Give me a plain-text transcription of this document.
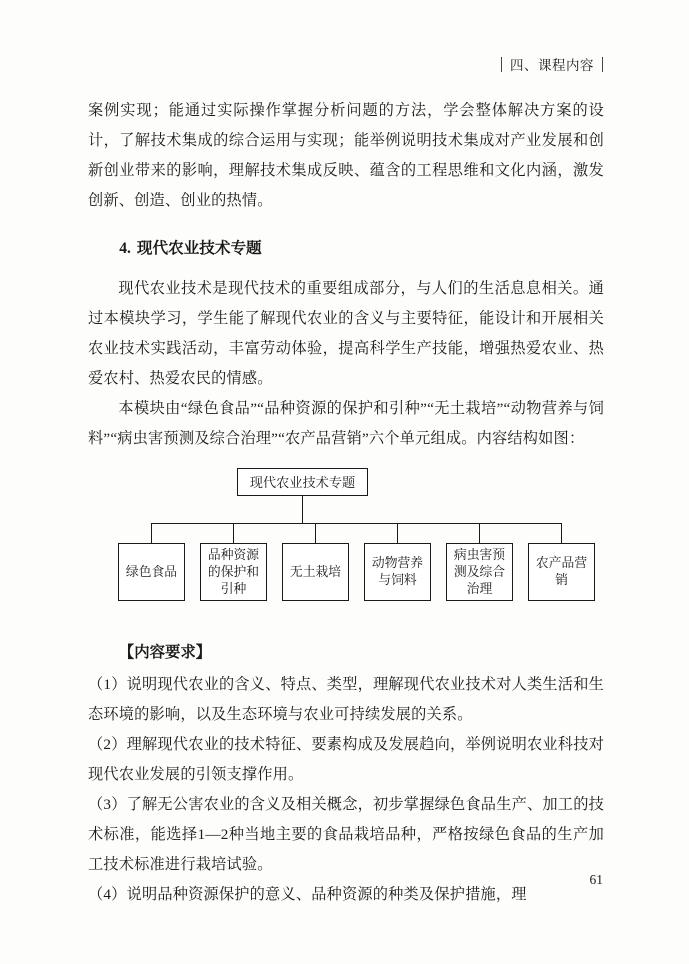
四、课程内容

案例实现；能通过实际操作掌握分析问题的方法，学会整体解决方案的设计，了解技术集成的综合运用与实现；能举例说明技术集成对产业发展和创新创业带来的影响，理解技术集成反映、蕴含的工程思维和文化内涵，激发创新、创造、创业的热情。

4. 现代农业技术专题

现代农业技术是现代技术的重要组成部分，与人们的生活息息相关。通过本模块学习，学生能了解现代农业的含义与主要特征，能设计和开展相关农业技术实践活动，丰富劳动体验，提高科学生产技能，增强热爱农业、热爱农村、热爱农民的情感。

本模块由“绿色食品”“品种资源的保护和引种”“无土栽培”“动物营养与饲料”“病虫害预测及综合治理”“农产品营销”六个单元组成。内容结构如图：

现代农业技术专题
绿色食品
品种资源的保护和引种
无土栽培
动物营养与饲料
病虫害预测及综合治理
农产品营销
【内容要求】

（1）说明现代农业的含义、特点、类型，理解现代农业技术对人类生活和生态环境的影响，以及生态环境与农业可持续发展的关系。

（2）理解现代农业的技术特征、要素构成及发展趋向，举例说明农业科技对现代农业发展的引领支撑作用。

（3）了解无公害农业的含义及相关概念，初步掌握绿色食品生产、加工的技术标准，能选择1—2种当地主要的食品栽培品种，严格按绿色食品的生产加工技术标准进行栽培试验。

（4）说明品种资源保护的意义、品种资源的种类及保护措施，理

61
